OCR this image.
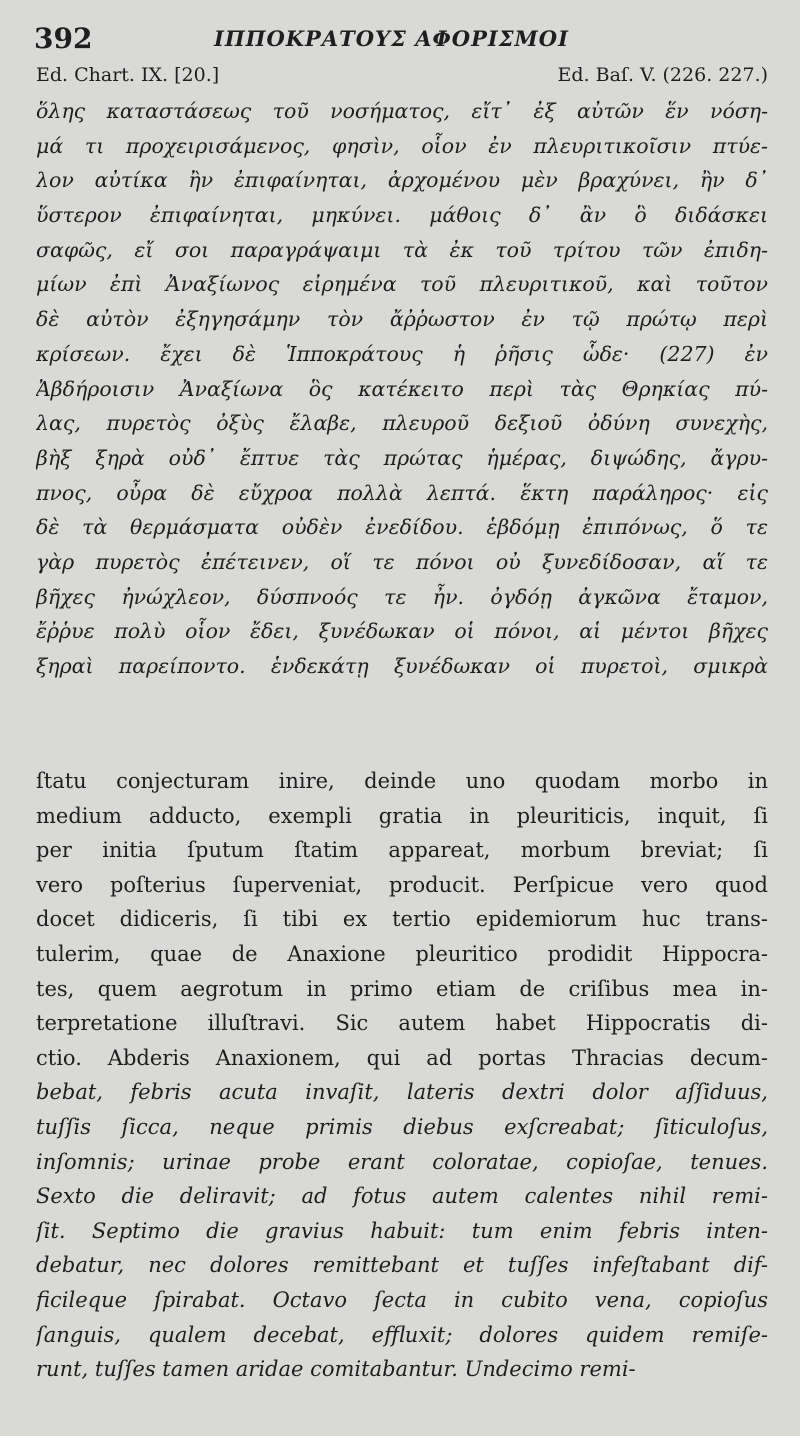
392	ΙΠΠΟΚΡΑΤΟΥΣ ΑΦΟΡΙΣΜΟΙ
Ed. Chart. IX. [20.]	Ed. Baſ. V. (226. 227.)
ὅλης καταστάσεως τοῦ νοσήματος, εἴτ᾽ ἐξ αὐτῶν ἕν νόση-
μά τι προχειρισάμενος, φησὶν, οἷον ἐν πλευριτικοῖσιν πτύε-
λον αὐτίκα ἢν ἐπιφαίνηται, ἀρχομένου μὲν βραχύνει, ἢν δ᾽
ὕστερον ἐπιφαίνηται, μηκύνει. μάθοις δ᾽ ἂν ὃ διδάσκει
σαφῶς, εἴ σοι παραγράψαιμι τὰ ἐκ τοῦ τρίτου τῶν ἐπιδη-
μίων ἐπὶ Ἀναξίωνος εἰρημένα τοῦ πλευριτικοῦ, καὶ τοῦτον
δὲ αὐτὸν ἐξηγησάμην τὸν ἄῤῥωστον ἐν τῷ πρώτῳ περὶ
κρίσεων. ἔχει δὲ Ἱπποκράτους ἡ ῥῆσις ὧδε· (227) ἐν
Ἀβδήροισιν Ἀναξίωνα ὃς κατέκειτο περὶ τὰς Θρηκίας πύ-
λας, πυρετὸς ὀξὺς ἔλαβε, πλευροῦ δεξιοῦ ὀδύνη συνεχὴς,
βὴξ ξηρὰ οὐδ᾽ ἔπτυε τὰς πρώτας ἡμέρας, διψώδης, ἄγρυ-
πνος, οὖρα δὲ εὔχροα πολλὰ λεπτά. ἕκτη παράληρος· εἰς
δὲ τὰ θερμάσματα οὐδὲν ἐνεδίδου. ἑβδόμῃ ἐπιπόνως, ὅ τε
γὰρ πυρετὸς ἐπέτεινεν, οἵ τε πόνοι οὐ ξυνεδίδοσαν, αἵ τε
βῆχες ἠνώχλεον, δύσπνοός τε ἦν. ὀγδόῃ ἀγκῶνα ἔταμον,
ἔῤῥυε πολὺ οἷον ἔδει, ξυνέδωκαν οἱ πόνοι, αἱ μέντοι βῆχες
ξηραὶ παρείποντο. ἑνδεκάτῃ ξυνέδωκαν οἱ πυρετοὶ, σμικρὰ
ſtatu conjecturam inire, deinde uno quodam morbo in
medium adducto, exempli gratia in pleuriticis, inquit, ſi
per initia ſputum ſtatim appareat, morbum breviat; ſi
vero poſterius ſuperveniat, producit. Perſpicue vero quod
docet didiceris, ſi tibi ex tertio epidemiorum huc trans-
tulerim, quae de Anaxione pleuritico prodidit Hippocra-
tes, quem aegrotum in primo etiam de criſibus mea in-
terpretatione illuſtravi. Sic autem habet Hippocratis di-
ctio. Abderis Anaxionem, qui ad portas Thracias decum-
bebat, febris acuta invaſit, lateris dextri dolor aſſiduus,
tuſſis ſicca, neque primis diebus exſcreabat; ſiticuloſus,
inſomnis; urinae probe erant coloratae, copioſae, tenues.
Sexto die deliravit; ad fotus autem calentes nihil remi-
ſit. Septimo die gravius habuit: tum enim febris inten-
debatur, nec dolores remittebant et tuſſes infeſtabant dif-
ficileque ſpirabat. Octavo ſecta in cubito vena, copioſus
ſanguis, qualem decebat, effluxit; dolores quidem remiſe-
runt, tuſſes tamen aridae comitabantur. Undecimo remi-
